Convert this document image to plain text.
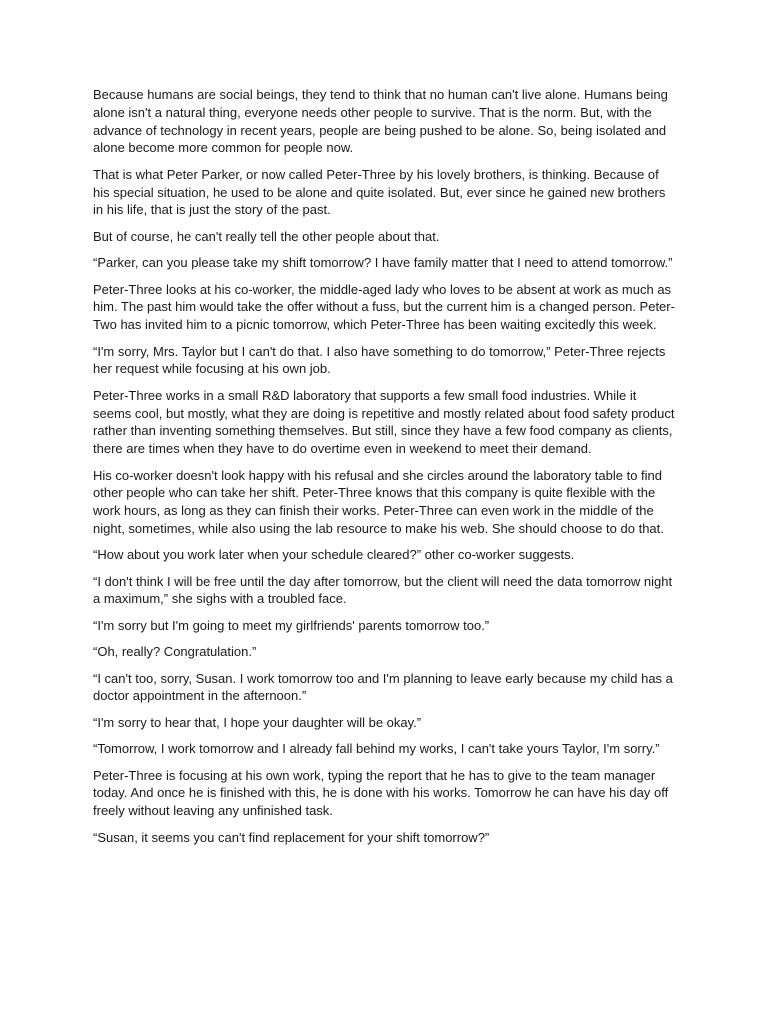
Because humans are social beings, they tend to think that no human can't live alone. Humans being alone isn't a natural thing, everyone needs other people to survive. That is the norm. But, with the advance of technology in recent years, people are being pushed to be alone. So, being isolated and alone become more common for people now.

That is what Peter Parker, or now called Peter-Three by his lovely brothers, is thinking. Because of his special situation, he used to be alone and quite isolated. But, ever since he gained new brothers in his life, that is just the story of the past.

But of course, he can't really tell the other people about that.

“Parker, can you please take my shift tomorrow? I have family matter that I need to attend tomorrow.”

Peter-Three looks at his co-worker, the middle-aged lady who loves to be absent at work as much as him. The past him would take the offer without a fuss, but the current him is a changed person. Peter-Two has invited him to a picnic tomorrow, which Peter-Three has been waiting excitedly this week.

“I'm sorry, Mrs. Taylor but I can't do that. I also have something to do tomorrow,” Peter-Three rejects her request while focusing at his own job.

Peter-Three works in a small R&D laboratory that supports a few small food industries. While it seems cool, but mostly, what they are doing is repetitive and mostly related about food safety product rather than inventing something themselves. But still, since they have a few food company as clients, there are times when they have to do overtime even in weekend to meet their demand.

His co-worker doesn't look happy with his refusal and she circles around the laboratory table to find other people who can take her shift. Peter-Three knows that this company is quite flexible with the work hours, as long as they can finish their works. Peter-Three can even work in the middle of the night, sometimes, while also using the lab resource to make his web. She should choose to do that.

“How about you work later when your schedule cleared?” other co-worker suggests.

“I don't think I will be free until the day after tomorrow, but the client will need the data tomorrow night a maximum,” she sighs with a troubled face.

“I'm sorry but I'm going to meet my girlfriends' parents tomorrow too.”

“Oh, really? Congratulation.”

“I can't too, sorry, Susan. I work tomorrow too and I'm planning to leave early because my child has a doctor appointment in the afternoon.”

“I'm sorry to hear that, I hope your daughter will be okay.”

“Tomorrow, I work tomorrow and I already fall behind my works, I can't take yours Taylor, I'm sorry.”

Peter-Three is focusing at his own work, typing the report that he has to give to the team manager today. And once he is finished with this, he is done with his works. Tomorrow he can have his day off freely without leaving any unfinished task.

“Susan, it seems you can't find replacement for your shift tomorrow?”
